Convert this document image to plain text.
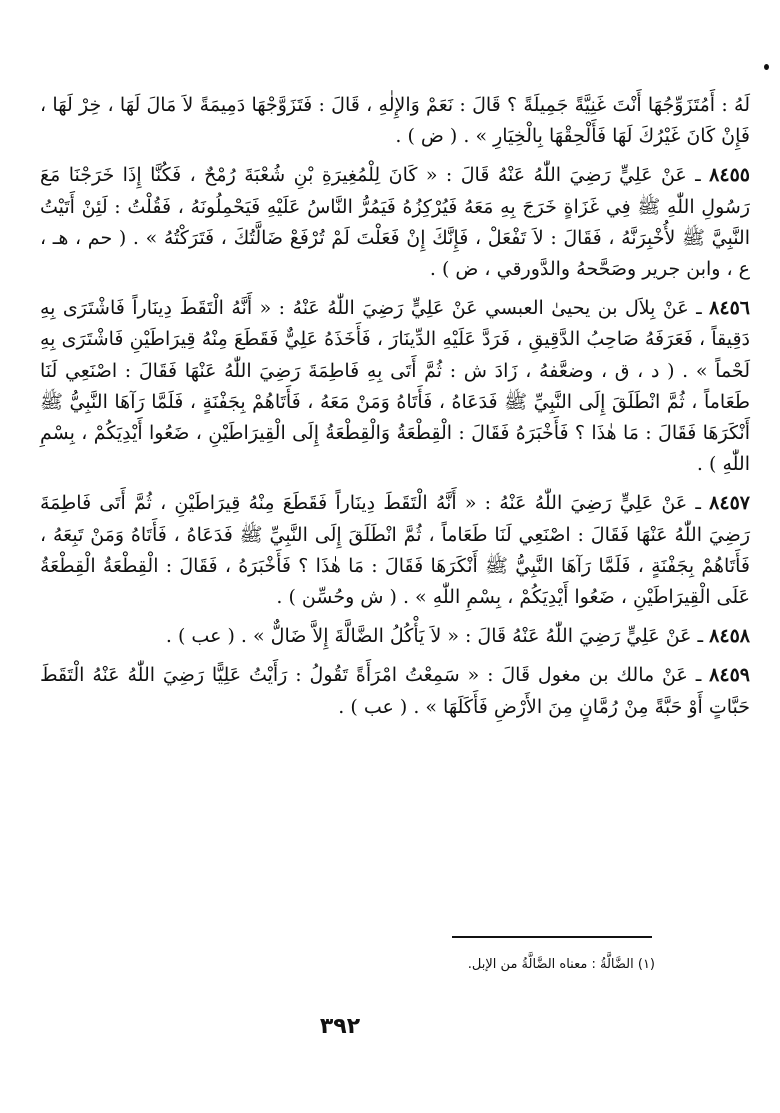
لَهُ : أَمُتَزَوِّجُهَا أَنْتَ غَنِيَّةً جَمِيلَةً ؟ قَالَ : نَعَمْ وَالإِلٰهِ ، قَالَ : فَتَزَوَّجْهَا دَمِيمَةً لاَ مَالَ لَهَا ، خِرْ لَهَا ، فَإِنْ كَانَ غَيْرُكَ لَهَا فَأَلْحِقْهَا بِالْخِيَارِ » . ( ض ) .

٨٤٥٥ ـ عَنْ عَلِيٍّ رَضِيَ اللّٰهُ عَنْهُ قَالَ : « كَانَ لِلْمُغِيرَةِ بْنِ شُعْبَةَ رُمْحٌ ، فَكُنَّا إِذَا خَرَجْنَا مَعَ رَسُولِ اللّٰهِ ﷺ فِي غَزَاةٍ خَرَجَ بِهِ مَعَهُ فَيُرْكِزُهُ فَيَمُرُّ النَّاسُ عَلَيْهِ فَيَحْمِلُونَهُ ، فَقُلْتُ : لَئِنْ أَتَيْتُ النَّبِيَّ ﷺ لأُخْبِرَنَّهُ ، فَقَالَ : لاَ تَفْعَلْ ، فَإِنَّكَ إِنْ فَعَلْتَ لَمْ تُرْفَعْ ضَالَّتُكَ ، فَتَرَكْتُهُ » . ( حم ، هـ ، ع ، وابن جرير وصَحَّحهُ والدَّورقي ، ض ) .

٨٤٥٦ ـ عَنْ بِلاَل بن يحيىٰ العبسي عَنْ عَلِيٍّ رَضِيَ اللّٰهُ عَنْهُ : « أَنَّهُ الْتَقَطَ دِينَاراً فَاشْتَرَى بِهِ دَقِيقاً ، فَعَرَفَهُ صَاحِبُ الدَّقِيقِ ، فَرَدَّ عَلَيْهِ الدِّينَارَ ، فَأَخَذَهُ عَلِيٌّ فَقَطَعَ مِنْهُ قِيرَاطَيْنِ فَاشْتَرَى بِهِ لَحْماً » . ( د ، ق ، وضعَّفهُ ، زَادَ ش : ثُمَّ أَتَى بِهِ فَاطِمَةَ رَضِيَ اللّٰهُ عَنْهَا فَقَالَ : اصْنَعِي لَنَا طَعَاماً ، ثُمَّ انْطَلَقَ إِلَى النَّبِيِّ ﷺ فَدَعَاهُ ، فَأَتَاهُ وَمَنْ مَعَهُ ، فَأَتَاهُمْ بِجَفْنَةٍ ، فَلَمَّا رَآهَا النَّبِيُّ ﷺ أَنْكَرَهَا فَقَالَ : مَا هٰذَا ؟ فَأَخْبَرَهُ فَقَالَ : الْقِطْعَةُ وَالْقِطْعَةُ إِلَى الْقِيرَاطَيْنِ ، ضَعُوا أَيْدِيَكُمْ ، بِسْمِ اللّٰهِ ) .

٨٤٥٧ ـ عَنْ عَلِيٍّ رَضِيَ اللّٰهُ عَنْهُ : « أَنَّهُ الْتَقَطَ دِينَاراً فَقَطَعَ مِنْهُ قِيرَاطَيْنِ ، ثُمَّ أَتَى فَاطِمَةَ رَضِيَ اللّٰهُ عَنْهَا فَقَالَ : اصْنَعِي لَنَا طَعَاماً ، ثُمَّ انْطَلَقَ إِلَى النَّبِيِّ ﷺ فَدَعَاهُ ، فَأَتَاهُ وَمَنْ تَبِعَهُ ، فَأَتَاهُمْ بِجَفْنَةٍ ، فَلَمَّا رَآهَا النَّبِيُّ ﷺ أَنْكَرَهَا فَقَالَ : مَا هٰذَا ؟ فَأَخْبَرَهُ ، فَقَالَ : الْقِطْعَةُ الْقِطْعَةُ عَلَى الْقِيرَاطَيْنِ ، ضَعُوا أَيْدِيَكُمْ ، بِسْمِ اللّٰهِ » . ( ش وحُسِّن ) .

٨٤٥٨ ـ عَنْ عَلِيٍّ رَضِيَ اللّٰهُ عَنْهُ قَالَ : « لاَ يَأْكُلُ الضَّالَّةَ إِلاَّ ضَالٌّ » . ( عب ) .

٨٤٥٩ ـ عَنْ مالك بن مغول قَالَ : « سَمِعْتُ امْرَأَةً تَقُولُ : رَأَيْتُ عَلِيًّا رَضِيَ اللّٰهُ عَنْهُ الْتَقَطَ حَبَّاتٍ أَوْ حَبَّةً مِنْ رُمَّانٍ مِنَ الأَرْضِ فَأَكَلَهَا » . ( عب ) .

(١) الضَّالَّةُ : معناه الضَّالَّةُ من الإبل.
٣٩٢
